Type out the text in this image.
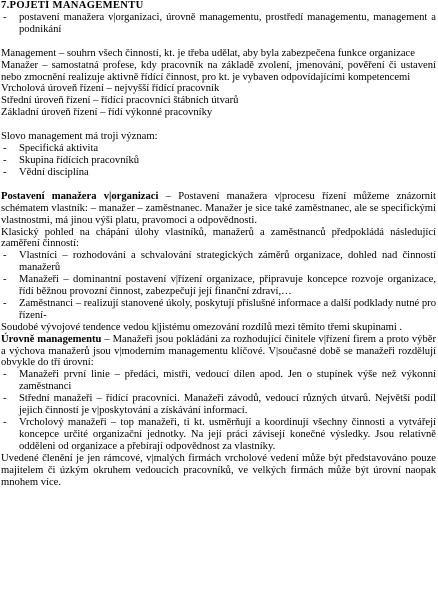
7.POJETÍ MANAGEMENTU
- postavení manažera v|organizaci, úrovně managementu, prostředí managementu, management a podnikání

Management – souhrn všech činností, kt. je třeba udělat, aby byla zabezpečena funkce organizace

Manažer – samostatná profese, kdy pracovník na základě zvolení, jmenování, pověření či ustavení nebo zmocnění realizuje aktivně řídící činnost, pro kt. je vybaven odpovídajícími kompetencemi

Vrcholová úroveň řízení – nejvyšší řídící pracovník

Střední úroveň řízení – řídící pracovníci štábních útvarů

Základní úroveň řízení – řídí výkonné pracovníky

Slovo management má troji význam:

- Specifická aktivita
- Skupina řídících pracovníků
- Vědní disciplína

Postavení manažera v|organizaci – Postavení manažera v|procesu řízení můžeme znázornit schématem vlastník: – manažer – zaměstnanec. Manažer je sice také zaměstnanec, ale se specifickými vlastnostmi, má jinou výši platu, pravomoci a odpovědnosti.

Klasický pohled na chápání úlohy vlastníků, manažerů a zaměstnanců předpokládá následující zaměření činností:

- Vlastníci – rozhodování a schvalování strategických záměrů organizace, dohled nad činností manažerů
- Manažeři – dominantní postavení v|řízení organizace, připravuje koncepce rozvoje organizace, řídí běžnou provozní činnost, zabezpečují její finanční zdraví,…
- Zaměstnanci – realizují stanovené úkoly, poskytují příslušné informace a další podklady nutné pro řízení-

Soudobé vývojové tendence vedou k|jistému omezování rozdílů mezi těmito třemi skupinami .

Úrovně managementu – Manažeři jsou pokládáni za rozhodující činitele v|řízení firem a proto výběr a výchova manažerů jsou v|moderním managementu klíčové. V|současné době se manažeři rozdělují obvykle do tří úrovní:

- Manažeři první linie – předáci, mistři, vedoucí dílen apod. Jen o stupínek výše než výkonní zaměstnanci
- Střední manažeři – řídící pracovníci. Manažeři závodů, vedoucí různých útvarů. Největší podíl jejich činností je v|poskytování a získávání informací.
- Vrcholový manažeři – top manažeři, ti kt. usměrňují a koordinují všechny činnosti a vytvářejí koncepce určité organizační jednotky. Na její práci závisejí konečné výsledky. Jsou relativně odděleni od organizace a přebírají odpovědnost za vlastníky.

Uvedené členění je jen rámcové, v|malých firmách vrcholové vedení může být představováno pouze majitelem či úzkým okruhem vedoucích pracovníků, ve velkých firmách může být úrovní naopak mnohem více.
